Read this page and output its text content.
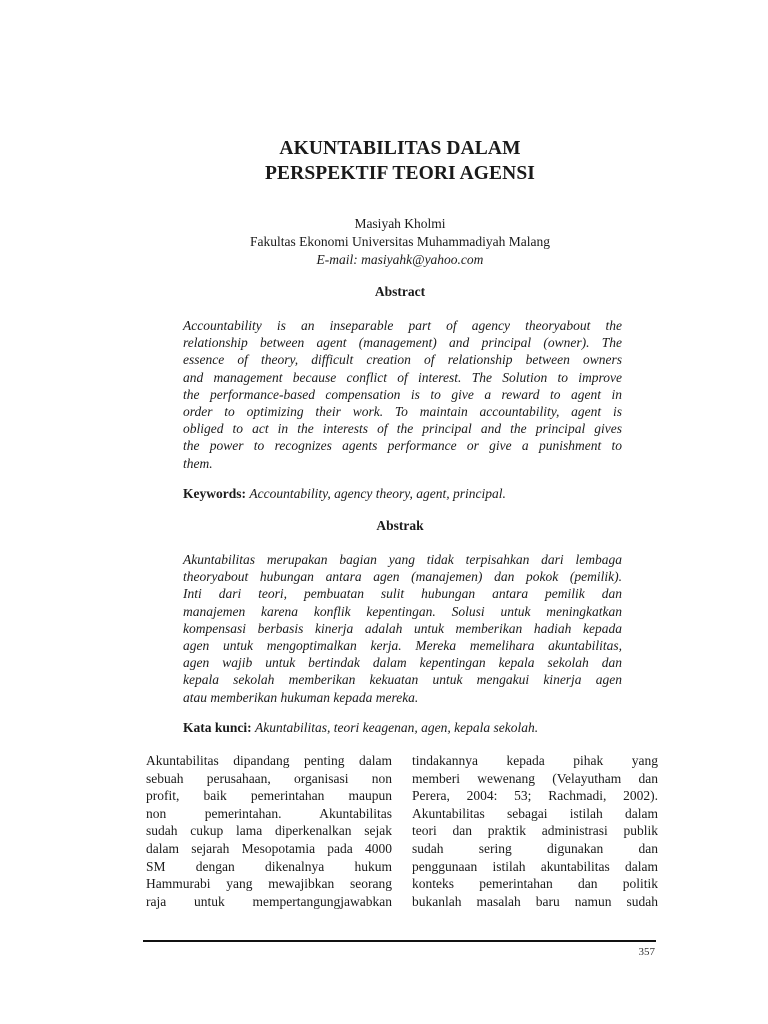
AKUNTABILITAS DALAM
PERSPEKTIF TEORI AGENSI
Masiyah Kholmi
Fakultas Ekonomi Universitas Muhammadiyah Malang
E-mail: masiyahk@yahoo.com
Abstract
Accountability is an inseparable part of agency theoryabout the
relationship between agent (management) and principal (owner). The
essence of theory, difficult creation of relationship between owners
and management because conflict of interest. The Solution to improve
the performance-based compensation is to give a reward to agent in
order to optimizing their work. To maintain accountability, agent is
obliged to act in the interests of the principal and the principal gives
the power to recognizes agents performance or give a punishment to
them.
Keywords: Accountability, agency theory, agent, principal.
Abstrak
Akuntabilitas merupakan bagian yang tidak terpisahkan dari lembaga
theoryabout hubungan antara agen (manajemen) dan pokok (pemilik).
Inti dari teori, pembuatan sulit hubungan antara pemilik dan
manajemen karena konflik kepentingan. Solusi untuk meningkatkan
kompensasi berbasis kinerja adalah untuk memberikan hadiah kepada
agen untuk mengoptimalkan kerja. Mereka memelihara akuntabilitas,
agen wajib untuk bertindak dalam kepentingan kepala sekolah dan
kepala sekolah memberikan kekuatan untuk mengakui kinerja agen
atau memberikan hukuman kepada mereka.
Kata kunci: Akuntabilitas, teori keagenan, agen, kepala sekolah.
Akuntabilitas dipandang penting dalam
sebuah perusahaan, organisasi non
profit, baik pemerintahan maupun
non pemerintahan. Akuntabilitas
sudah cukup lama diperkenalkan sejak
dalam sejarah Mesopotamia pada 4000
SM dengan dikenalnya hukum
Hammurabi yang mewajibkan seorang
raja untuk mempertangungjawabkan
tindakannya kepada pihak yang
memberi wewenang (Velayutham dan
Perera, 2004: 53; Rachmadi, 2002).
Akuntabilitas sebagai istilah dalam
teori dan praktik administrasi publik
sudah sering digunakan dan
penggunaan istilah akuntabilitas dalam
konteks pemerintahan dan politik
bukanlah masalah baru namun sudah
357
